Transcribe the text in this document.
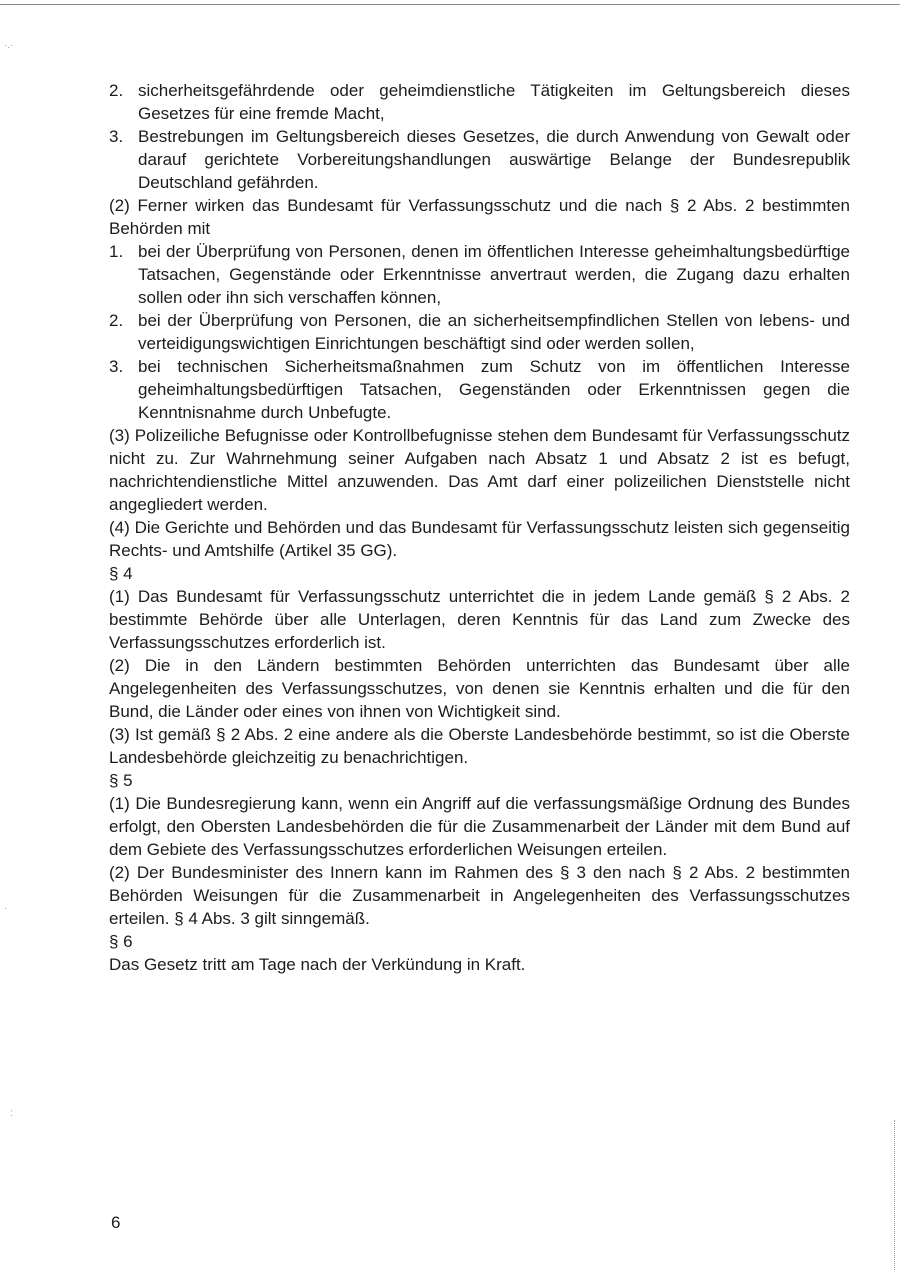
·.·
·
:
2. sicherheitsgefährdende oder geheimdienstliche Tätigkeiten im Geltungsbereich dieses Gesetzes für eine fremde Macht,
3. Bestrebungen im Geltungsbereich dieses Gesetzes, die durch Anwendung von Gewalt oder darauf gerichtete Vorbereitungshandlungen auswärtige Belange der Bundesrepublik Deutschland gefährden.

(2) Ferner wirken das Bundesamt für Verfassungsschutz und die nach § 2 Abs. 2 bestimmten Behörden mit

1. bei der Überprüfung von Personen, denen im öffentlichen Interesse geheimhaltungsbedürftige Tatsachen, Gegenstände oder Erkenntnisse anvertraut werden, die Zugang dazu erhalten sollen oder ihn sich verschaffen können,
2. bei der Überprüfung von Personen, die an sicherheitsempfindlichen Stellen von lebens- und verteidigungswichtigen Einrichtungen beschäftigt sind oder werden sollen,
3. bei technischen Sicherheitsmaßnahmen zum Schutz von im öffentlichen Interesse geheimhaltungsbedürftigen Tatsachen, Gegenständen oder Erkenntnissen gegen die Kenntnisnahme durch Unbefugte.

(3) Polizeiliche Befugnisse oder Kontrollbefugnisse stehen dem Bundesamt für Verfassungsschutz nicht zu. Zur Wahrnehmung seiner Aufgaben nach Absatz 1 und Absatz 2 ist es befugt, nachrichtendienstliche Mittel anzuwenden. Das Amt darf einer polizeilichen Dienststelle nicht angegliedert werden.

(4) Die Gerichte und Behörden und das Bundesamt für Verfassungsschutz leisten sich gegenseitig Rechts- und Amtshilfe (Artikel 35 GG).

§ 4

(1) Das Bundesamt für Verfassungsschutz unterrichtet die in jedem Lande gemäß § 2 Abs. 2 bestimmte Behörde über alle Unterlagen, deren Kenntnis für das Land zum Zwecke des Verfassungsschutzes erforderlich ist.

(2) Die in den Ländern bestimmten Behörden unterrichten das Bundesamt über alle Angelegenheiten des Verfassungsschutzes, von denen sie Kenntnis erhalten und die für den Bund, die Länder oder eines von ihnen von Wichtigkeit sind.

(3) Ist gemäß § 2 Abs. 2 eine andere als die Oberste Landesbehörde bestimmt, so ist die Oberste Landesbehörde gleichzeitig zu benachrichtigen.

§ 5

(1) Die Bundesregierung kann, wenn ein Angriff auf die verfassungsmäßige Ordnung des Bundes erfolgt, den Obersten Landesbehörden die für die Zusammenarbeit der Länder mit dem Bund auf dem Gebiete des Verfassungsschutzes erforderlichen Weisungen erteilen.

(2) Der Bundesminister des Innern kann im Rahmen des § 3 den nach § 2 Abs. 2 bestimmten Behörden Weisungen für die Zusammenarbeit in Angelegenheiten des Verfassungsschutzes erteilen. § 4 Abs. 3 gilt sinngemäß.

§ 6

Das Gesetz tritt am Tage nach der Verkündung in Kraft.

6
